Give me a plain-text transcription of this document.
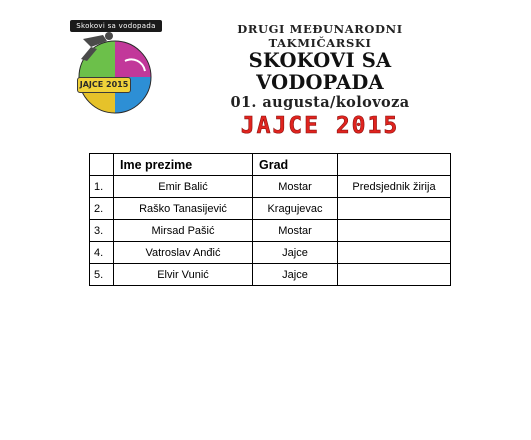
Skokovi sa vodopada
JAJCE 2015
DRUGI MEĐUNARODNI TAKMIČARSKI
SKOKOVI SA VODOPADA
01. augusta/kolovoza
JAJCE 2015
	Ime prezime	Grad	
1.	Emir Balić	Mostar	Predsjednik žirija
2.	Raško Tanasijević	Kragujevac	
3.	Mirsad Pašić	Mostar	
4.	Vatroslav Anđić	Jajce	
5.	Elvir Vunić	Jajce	
